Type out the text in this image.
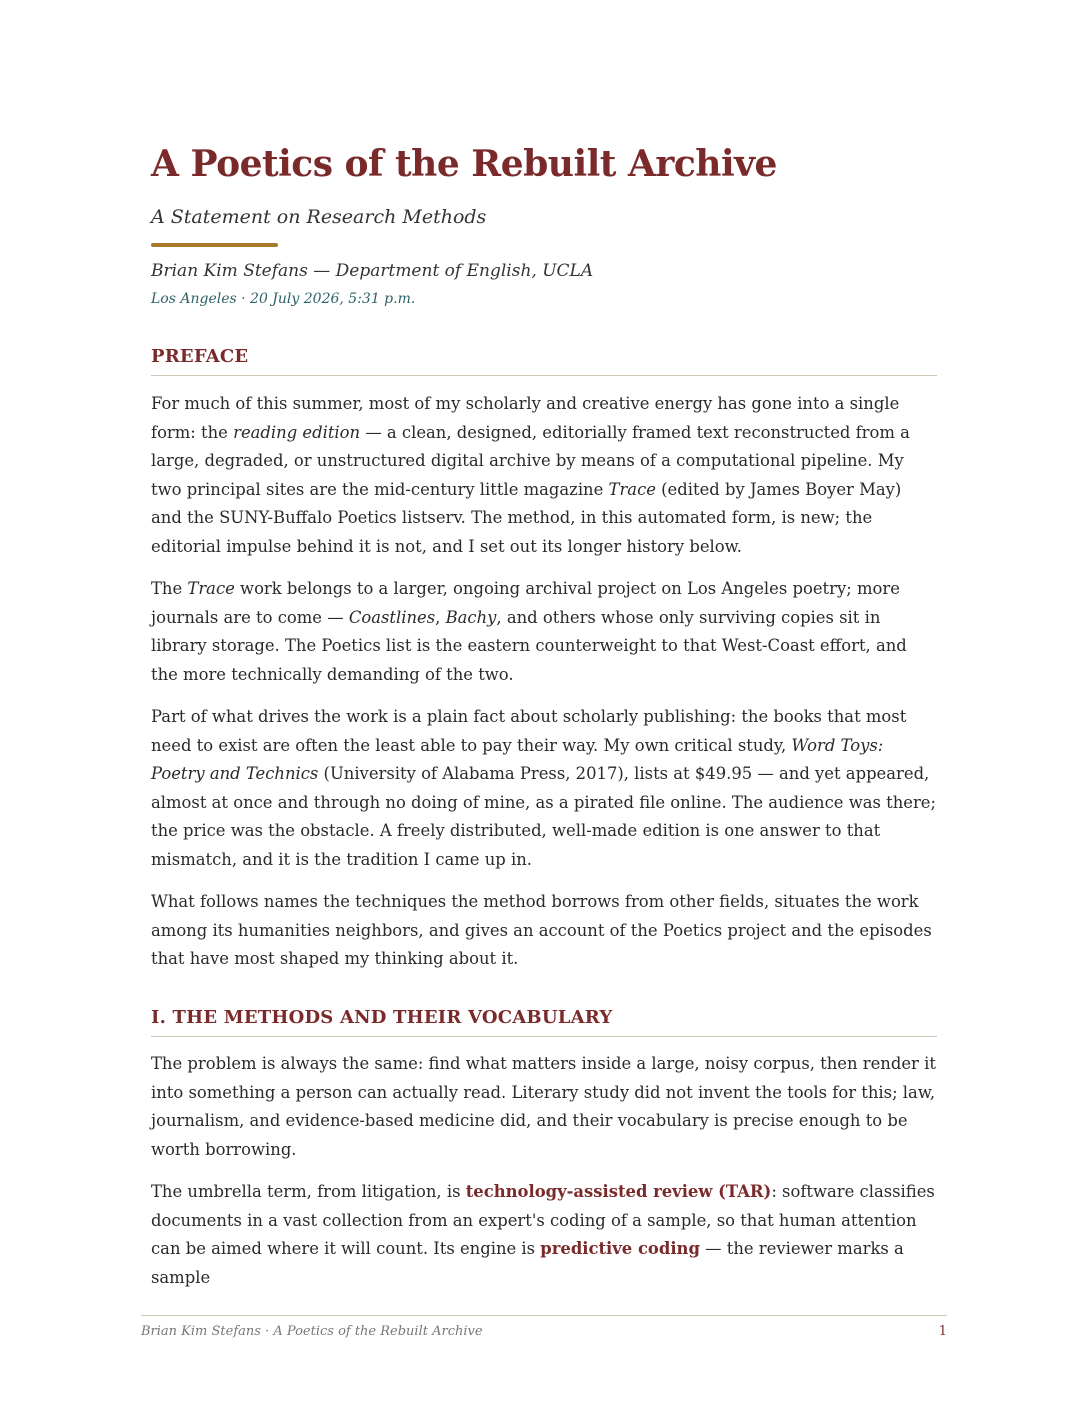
A Poetics of the Rebuilt Archive
A Statement on Research Methods
Brian Kim Stefans — Department of English, UCLA
Los Angeles · 20 July 2026, 5:31 p.m.
PREFACE

For much of this summer, most of my scholarly and creative energy has gone into a single form: the reading edition — a clean, designed, editorially framed text reconstructed from a large, degraded, or unstructured digital archive by means of a computational pipeline. My two principal sites are the mid-century little magazine Trace (edited by James Boyer May) and the SUNY-Buffalo Poetics listserv. The method, in this automated form, is new; the editorial impulse behind it is not, and I set out its longer history below.

The Trace work belongs to a larger, ongoing archival project on Los Angeles poetry; more journals are to come — Coastlines, Bachy, and others whose only surviving copies sit in library storage. The Poetics list is the eastern counterweight to that West-Coast effort, and the more technically demanding of the two.

Part of what drives the work is a plain fact about scholarly publishing: the books that most need to exist are often the least able to pay their way. My own critical study, Word Toys: Poetry and Technics (University of Alabama Press, 2017), lists at $49.95 — and yet appeared, almost at once and through no doing of mine, as a pirated file online. The audience was there; the price was the obstacle. A freely distributed, well-made edition is one answer to that mismatch, and it is the tradition I came up in.

What follows names the techniques the method borrows from other fields, situates the work among its humanities neighbors, and gives an account of the Poetics project and the episodes that have most shaped my thinking about it.

I. THE METHODS AND THEIR VOCABULARY

The problem is always the same: find what matters inside a large, noisy corpus, then render it into something a person can actually read. Literary study did not invent the tools for this; law, journalism, and evidence-based medicine did, and their vocabulary is precise enough to be worth borrowing.

The umbrella term, from litigation, is technology-assisted review (TAR): software classifies documents in a vast collection from an expert's coding of a sample, so that human attention can be aimed where it will count. Its engine is predictive coding — the reviewer marks a sample

Brian Kim Stefans · A Poetics of the Rebuilt Archive	1
